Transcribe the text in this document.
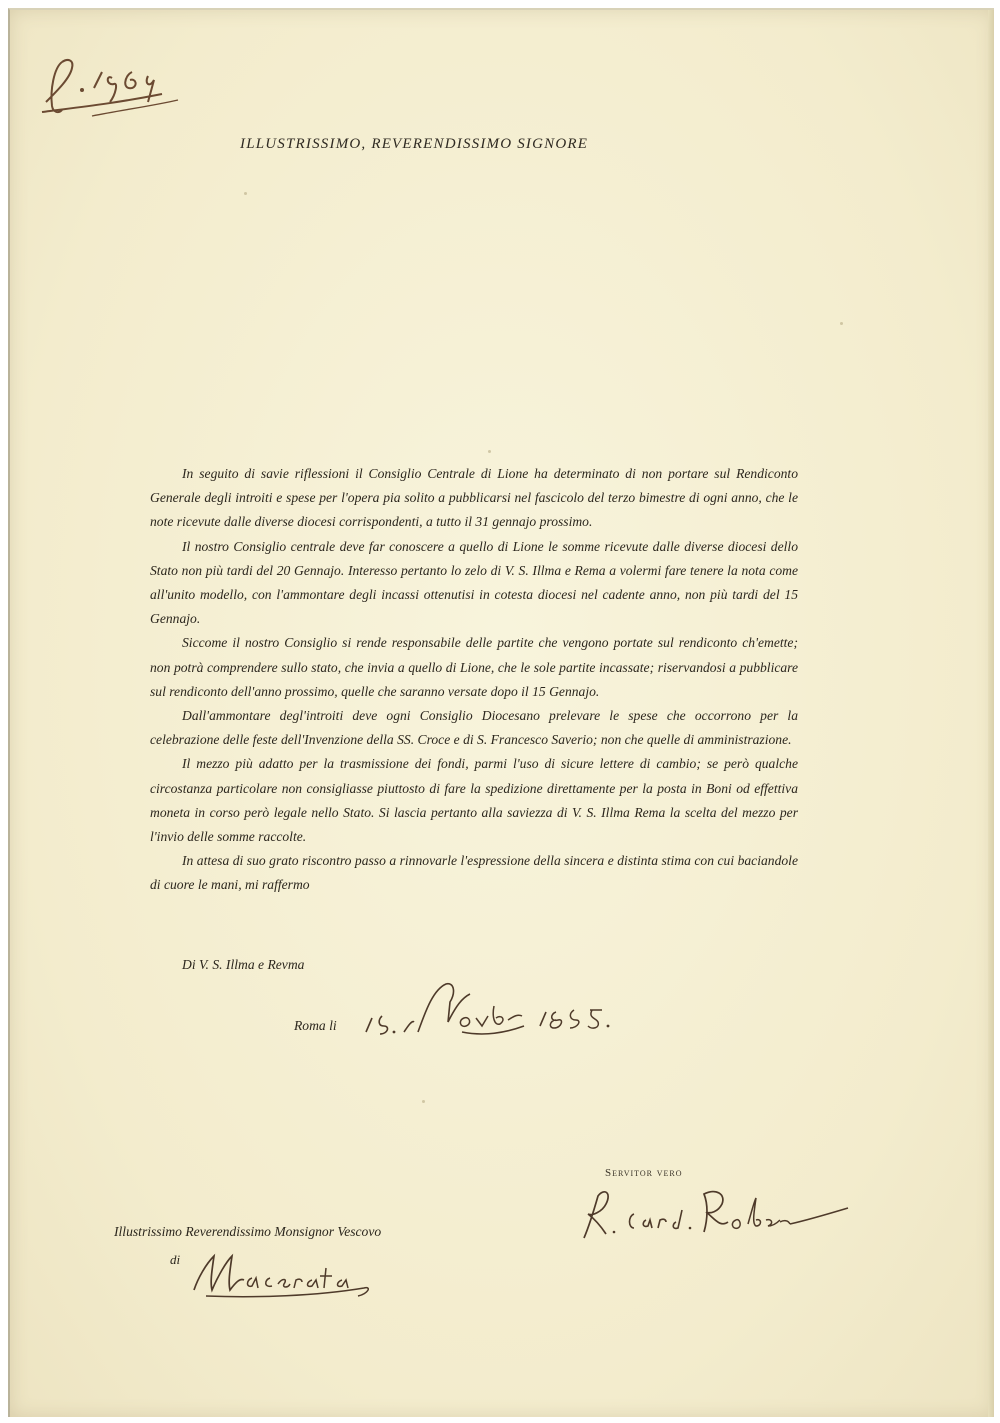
ILLUSTRISSIMO, REVERENDISSIMO SIGNORE

In seguito di savie riflessioni il Consiglio Centrale di Lione ha determinato di non portare sul Rendiconto Generale degli introiti e spese per l'opera pia solito a pubblicarsi nel fascicolo del terzo bimestre di ogni anno, che le note ricevute dalle diverse diocesi corrispondenti, a tutto il 31 gennajo prossimo.

Il nostro Consiglio centrale deve far conoscere a quello di Lione le somme ricevute dalle diverse diocesi dello Stato non più tardi del 20 Gennajo. Interesso pertanto lo zelo di V. S. Illma e Rema a volermi fare tenere la nota come all'unito modello, con l'ammontare degli incassi ottenutisi in cotesta diocesi nel cadente anno, non più tardi del 15 Gennajo.

Siccome il nostro Consiglio si rende responsabile delle partite che vengono portate sul rendiconto ch'emette; non potrà comprendere sullo stato, che invia a quello di Lione, che le sole partite incassate; riservandosi a pubblicare sul rendiconto dell'anno prossimo, quelle che saranno versate dopo il 15 Gennajo.

Dall'ammontare degl'introiti deve ogni Consiglio Diocesano prelevare le spese che occorrono per la celebrazione delle feste dell'Invenzione della SS. Croce e di S. Francesco Saverio; non che quelle di amministrazione.

Il mezzo più adatto per la trasmissione dei fondi, parmi l'uso di sicure lettere di cambio; se però qualche circostanza particolare non consigliasse piuttosto di fare la spedizione direttamente per la posta in Boni od effettiva moneta in corso però legale nello Stato. Si lascia pertanto alla saviezza di V. S. Illma Rema la scelta del mezzo per l'invio delle somme raccolte.

In attesa di suo grato riscontro passo a rinnovarle l'espressione della sincera e distinta stima con cui baciandole di cuore le mani, mi raffermo

Di V. S. Illma e Revma
Roma li
Servitor vero
Illustrissimo Reverendissimo Monsignor Vescovo
di
